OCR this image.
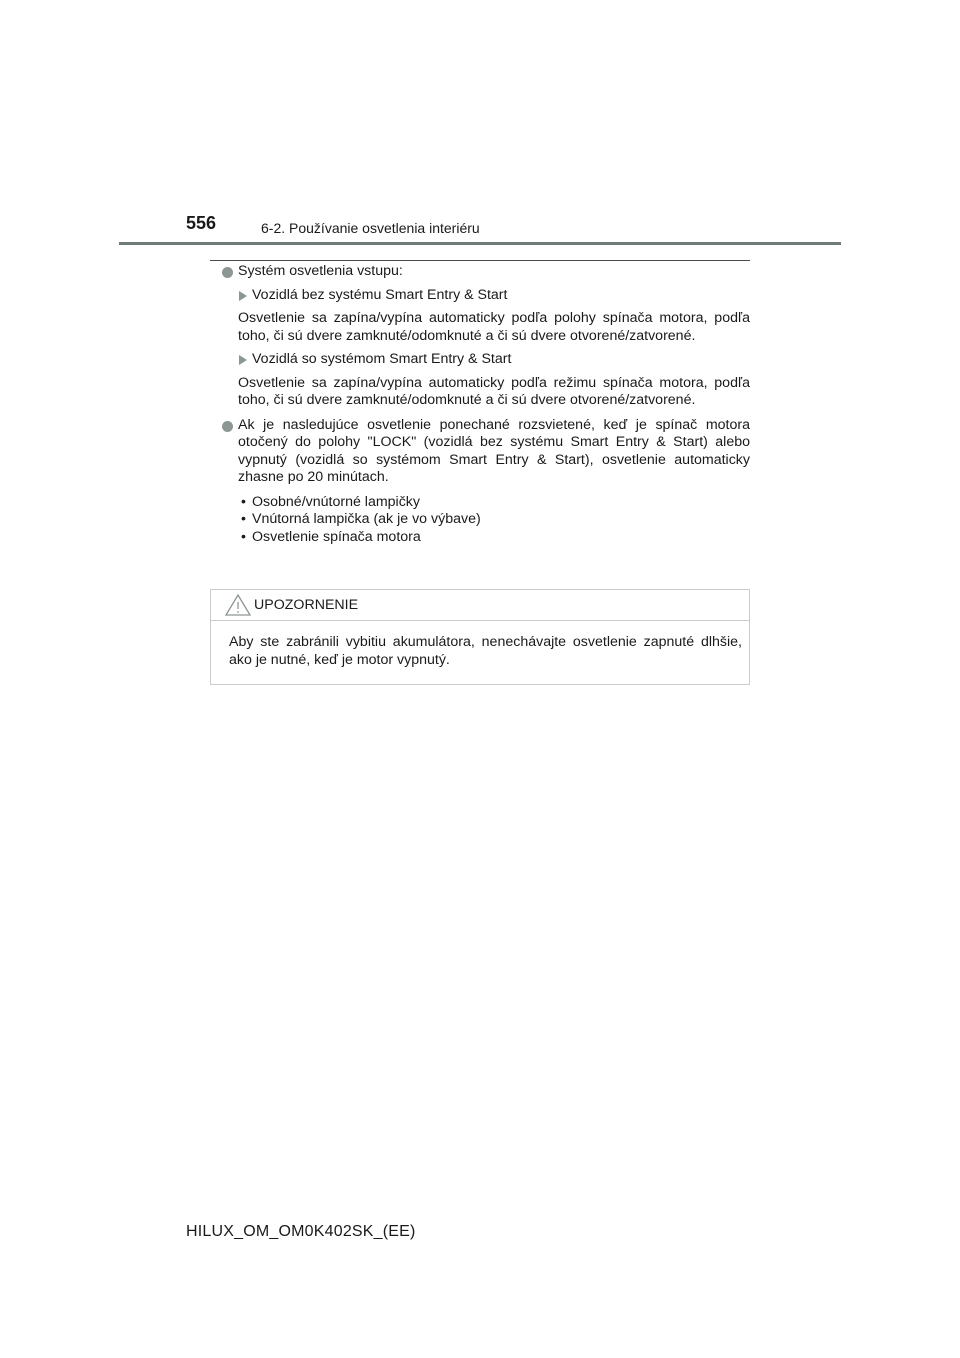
556	6-2. Používanie osvetlenia interiéru
Systém osvetlenia vstupu:
Vozidlá bez systému Smart Entry & Start
Osvetlenie sa zapína/vypína automaticky podľa polohy spínača motora, podľa toho, či sú dvere zamknuté/odomknuté a či sú dvere otvorené/zatvorené.
Vozidlá so systémom Smart Entry & Start
Osvetlenie sa zapína/vypína automaticky podľa režimu spínača motora, podľa toho, či sú dvere zamknuté/odomknuté a či sú dvere otvorené/zatvorené.
Ak je nasledujúce osvetlenie ponechané rozsvietené, keď je spínač motora otočený do polohy "LOCK" (vozidlá bez systému Smart Entry & Start) alebo vypnutý (vozidlá so systémom Smart Entry & Start), osvetlenie automaticky zhasne po 20 minútach.
• Osobné/vnútorné lampičky
• Vnútorná lampička (ak je vo výbave)
• Osvetlenie spínača motora
UPOZORNENIE
Aby ste zabránili vybitiu akumulátora, nenechávajte osvetlenie zapnuté dlhšie, ako je nutné, keď je motor vypnutý.
HILUX_OM_OM0K402SK_(EE)
